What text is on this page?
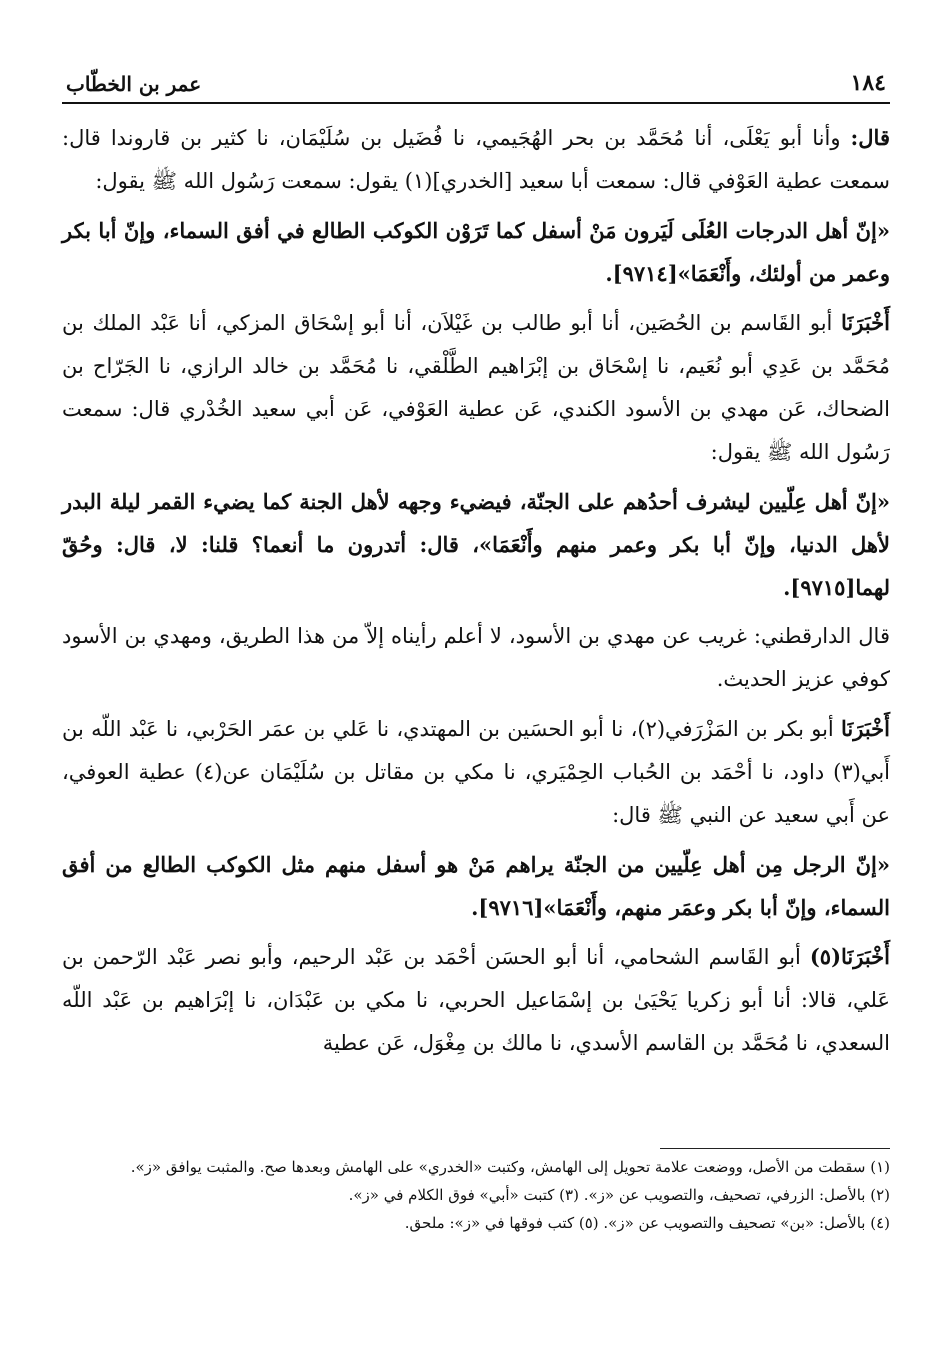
١٨٤
عمر بن الخطّاب

قال: وأنا أبو يَعْلَى، أنا مُحَمَّد بن بحر الهُجَيمي، نا فُضَيل بن سُلَيْمَان، نا كثير بن قاروندا قال: سمعت عطية العَوْفي قال: سمعت أبا سعيد [الخدري](١) يقول: سمعت رَسُول الله ﷺ يقول:

«إنّ أهل الدرجات العُلَى لَيَرون مَنْ أسفل كما تَرَوْن الكوكب الطالع في أفق السماء، وإنّ أبا بكر وعمر من أولئك، وأَنْعَمَا»[٩٧١٤].

أَخْبَرَنَا أبو القَاسم بن الحُصَين، أنا أبو طالب بن غَيْلاَن، أنا أبو إسْحَاق المزكي، أنا عَبْد الملك بن مُحَمَّد بن عَدِي أبو نُعَيم، نا إسْحَاق بن إبْرَاهيم الطَّلْقي، نا مُحَمَّد بن خالد الرازي، نا الجَرّاح بن الضحاك، عَن مهدي بن الأسود الكندي، عَن عطية العَوْفي، عَن أبي سعيد الخُدْري قال: سمعت رَسُول الله ﷺ يقول:

«إنّ أهل عِلّيين ليشرف أحدُهم على الجنّة، فيضيء وجهه لأهل الجنة كما يضيء القمر ليلة البدر لأهل الدنيا، وإنّ أبا بكر وعمر منهم وأَنْعَمَا»، قال: أتدرون ما أنعما؟ قلنا: لا، قال: وحُقّ لهما[٩٧١٥].

قال الدارقطني: غريب عن مهدي بن الأسود، لا أعلم رأيناه إلاّ من هذا الطريق، ومهدي بن الأسود كوفي عزيز الحديث.

أَخْبَرَنَا أبو بكر بن المَزْرَفي(٢)، نا أبو الحسَين بن المهتدي، نا عَلي بن عمَر الحَرْبي، نا عَبْد اللّه بن أَبي(٣) داود، نا أحْمَد بن الحُباب الحِمْيَري، نا مكي بن مقاتل بن سُلَيْمَان عن(٤) عطية العوفي، عن أَبي سعيد عن النبي ﷺ قال:

«إنّ الرجل مِن أهل عِلّيين من الجنّة يراهم مَنْ هو أسفل منهم مثل الكوكب الطالع من أفق السماء، وإنّ أبا بكر وعمَر منهم، وأَنْعَمَا»[٩٧١٦].

أَخْبَرَنَا(٥) أبو القَاسم الشحامي، أنا أبو الحسَن أحْمَد بن عَبْد الرحيم، وأبو نصر عَبْد الرّحمن بن عَلي، قالا: أنا أبو زكريا يَحْيَىٰ بن إسْمَاعيل الحربي، نا مكي بن عَبْدَان، نا إبْرَاهيم بن عَبْد اللّه السعدي، نا مُحَمَّد بن القاسم الأسدي، نا مالك بن مِغْوَل، عَن عطية

(١) سقطت من الأصل، ووضعت علامة تحويل إلى الهامش، وكتبت «الخدري» على الهامش وبعدها صح. والمثبت يوافق «ز».
(٢) بالأصل: الزرفي، تصحيف، والتصويب عن «ز». (٣) كتبت «أبي» فوق الكلام في «ز».
(٤) بالأصل: «بن» تصحيف والتصويب عن «ز». (٥) كتب فوقها في «ز»: ملحق.
